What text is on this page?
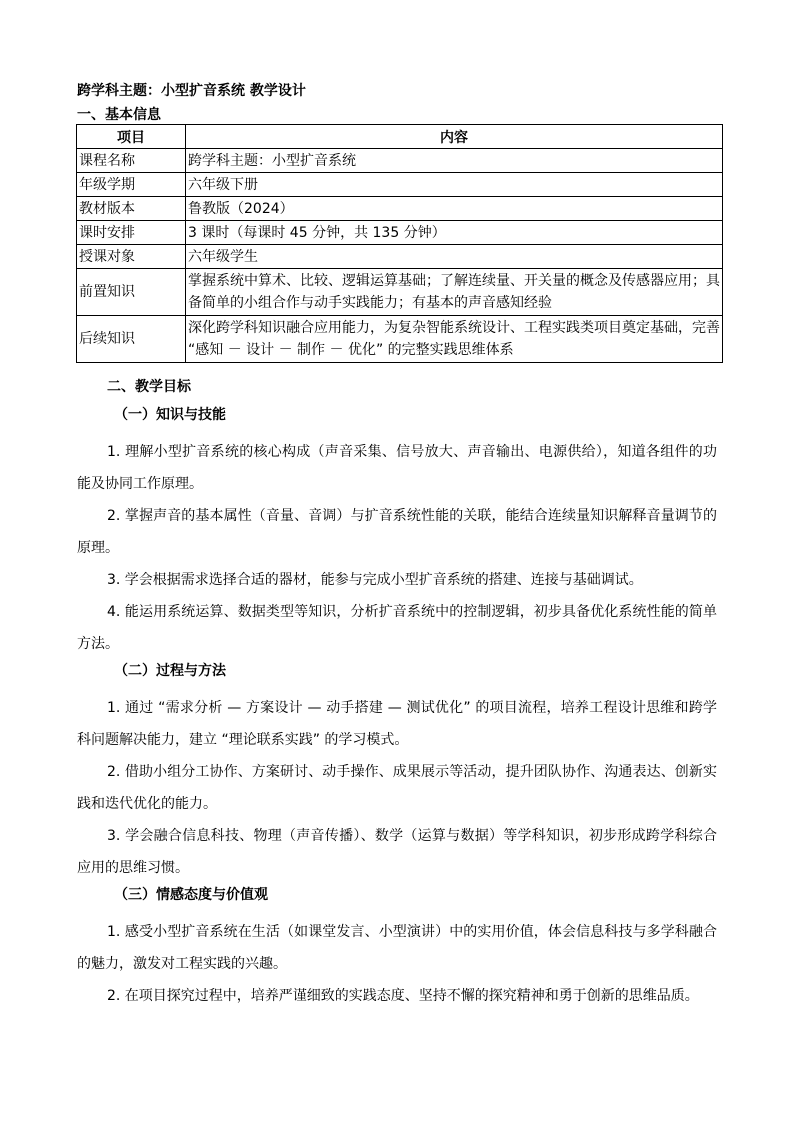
跨学科主题：小型扩音系统 教学设计
一、基本信息
项目	内容
课程名称	跨学科主题：小型扩音系统
年级学期	六年级下册
教材版本	鲁教版（2024）
课时安排	3 课时（每课时 45 分钟，共 135 分钟）
授课对象	六年级学生
前置知识	掌握系统中算术、比较、逻辑运算基础；了解连续量、开关量的概念及传感器应用；具备简单的小组合作与动手实践能力；有基本的声音感知经验
后续知识	深化跨学科知识融合应用能力，为复杂智能系统设计、工程实践类项目奠定基础，完善 “感知 － 设计 － 制作 － 优化” 的完整实践思维体系
二、教学目标
（一）知识与技能

1. 理解小型扩音系统的核心构成（声音采集、信号放大、声音输出、电源供给），知道各组件的功能及协同工作原理。

2. 掌握声音的基本属性（音量、音调）与扩音系统性能的关联，能结合连续量知识解释音量调节的原理。

3. 学会根据需求选择合适的器材，能参与完成小型扩音系统的搭建、连接与基础调试。

4. 能运用系统运算、数据类型等知识，分析扩音系统中的控制逻辑，初步具备优化系统性能的简单方法。

（二）过程与方法

1. 通过 “需求分析 — 方案设计 — 动手搭建 — 测试优化” 的项目流程，培养工程设计思维和跨学科问题解决能力，建立 “理论联系实践” 的学习模式。

2. 借助小组分工协作、方案研讨、动手操作、成果展示等活动，提升团队协作、沟通表达、创新实践和迭代优化的能力。

3. 学会融合信息科技、物理（声音传播）、数学（运算与数据）等学科知识，初步形成跨学科综合应用的思维习惯。

（三）情感态度与价值观

1. 感受小型扩音系统在生活（如课堂发言、小型演讲）中的实用价值，体会信息科技与多学科融合的魅力，激发对工程实践的兴趣。

2. 在项目探究过程中，培养严谨细致的实践态度、坚持不懈的探究精神和勇于创新的思维品质。
